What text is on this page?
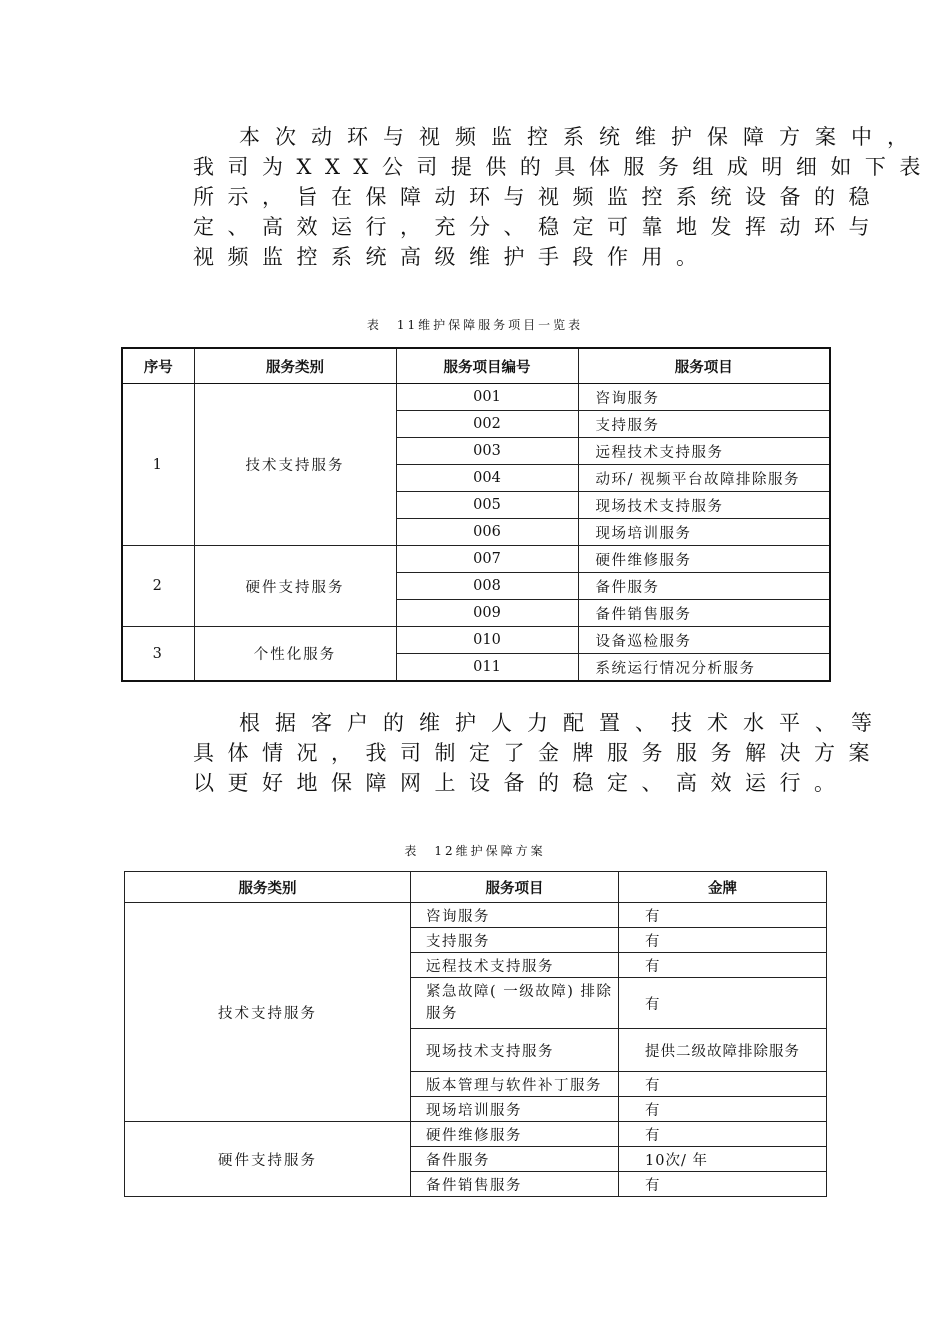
本次动环与视频监控系统维护保障方案中，
我司为XXX公司提供的具体服务组成明细如下表
所示，旨在保障动环与视频监控系统设备的稳
定、高效运行，充分、稳定可靠地发挥动环与
视频监控系统高级维护手段作用。

表　11维护保障服务项目一览表

序号	服务类别	服务项目编号	服务项目
1	技术支持服务	001	咨询服务
		002	支持服务
		003	远程技术支持服务
		004	动环/ 视频平台故障排除服务
		005	现场技术支持服务
		006	现场培训服务
2	硬件支持服务	007	硬件维修服务
		008	备件服务
		009	备件销售服务
3	个性化服务	010	设备巡检服务
		011	系统运行情况分析服务
根据客户的维护人力配置、技术水平、等
具体情况，我司制定了金牌服务服务解决方案
以更好地保障网上设备的稳定、高效运行。

表　12维护保障方案

服务类别	服务项目	金牌
技术支持服务	咨询服务	有
	支持服务	有
	远程技术支持服务	有
	紧急故障( 一级故障) 排除服务	有
	现场技术支持服务	提供二级故障排除服务
	版本管理与软件补丁服务	有
	现场培训服务	有
硬件支持服务	硬件维修服务	有
	备件服务	10次/ 年
	备件销售服务	有
